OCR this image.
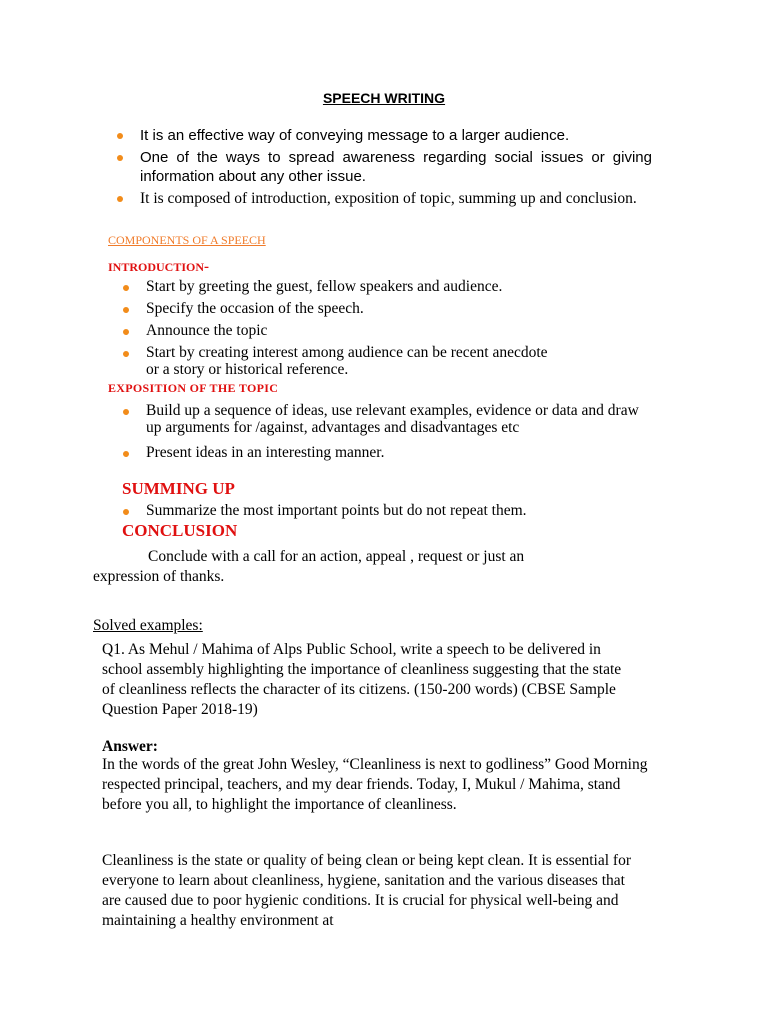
SPEECH WRITING
It is an effective way of conveying message to a larger audience.
One of the ways to spread awareness regarding social issues or giving information about any other issue.
It is composed of introduction, exposition of topic, summing up and conclusion.
COMPONENTS OF A SPEECH
INTRODUCTION-
Start by greeting the guest, fellow speakers and audience.
Specify the occasion of the speech.
Announce the topic
Start by creating interest among audience can be recent anecdote or a story or historical reference.
EXPOSITION OF THE TOPIC
Build up a sequence of ideas, use relevant examples, evidence or data and draw up arguments for /against, advantages and disadvantages etc
Present ideas in an interesting manner.
SUMMING UP
Summarize the most important points but do not repeat them.
CONCLUSION
Conclude with a call for an action, appeal , request or just an
expression of thanks.
Solved examples:
Q1. As Mehul / Mahima of Alps Public School, write a speech to be delivered in school assembly highlighting the importance of cleanliness suggesting that the state of cleanliness reflects the character of its citizens. (150-200 words) (CBSE Sample Question Paper 2018-19)
Answer:
In the words of the great John Wesley, “Cleanliness is next to godliness” Good Morning respected principal, teachers, and my dear friends. Today, I, Mukul / Mahima, stand before you all, to highlight the importance of cleanliness.
Cleanliness is the state or quality of being clean or being kept clean. It is essential for everyone to learn about cleanliness, hygiene, sanitation and the various diseases that are caused due to poor hygienic conditions. It is crucial for physical well-being and maintaining a healthy environment at
